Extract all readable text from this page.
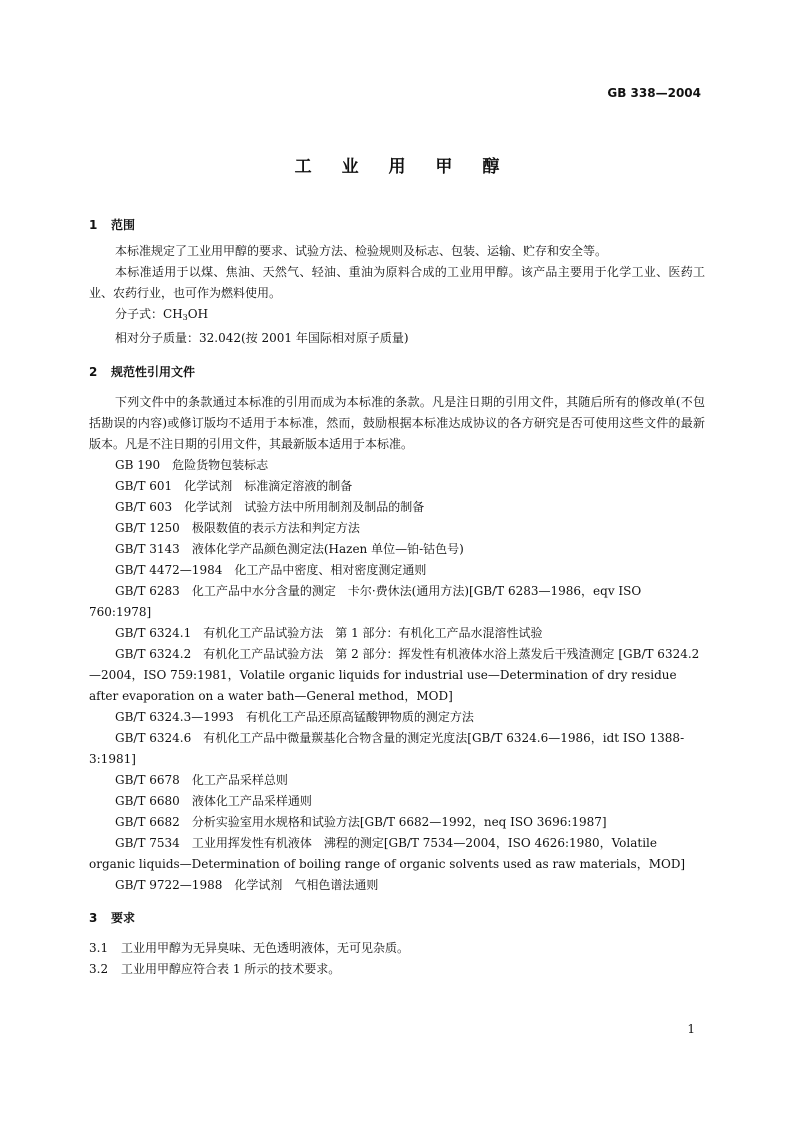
GB 338—2004
工 业 用 甲 醇
1 范围

本标准规定了工业用甲醇的要求、试验方法、检验规则及标志、包装、运输、贮存和安全等。

本标准适用于以煤、焦油、天然气、轻油、重油为原料合成的工业用甲醇。该产品主要用于化学工业、医药工业、农药行业，也可作为燃料使用。

分子式：$CH_3OH$

相对分子质量：32.042(按 2001 年国际相对原子质量)

2 规范性引用文件

下列文件中的条款通过本标准的引用而成为本标准的条款。凡是注日期的引用文件，其随后所有的修改单(不包括勘误的内容)或修订版均不适用于本标准，然而，鼓励根据本标准达成协议的各方研究是否可使用这些文件的最新版本。凡是不注日期的引用文件，其最新版本适用于本标准。

GB 190　 危险货物包装标志

GB/T 601　 化学试剂　标准滴定溶液的制备

GB/T 603　 化学试剂　试验方法中所用制剂及制品的制备

GB/T 1250　 极限数值的表示方法和判定方法

GB/T 3143　 液体化学产品颜色测定法(Hazen 单位—铂-钴色号)

GB/T 4472—1984　 化工产品中密度、相对密度测定通则

GB/T 6283　 化工产品中水分含量的测定　卡尔·费休法(通用方法)[GB/T 6283—1986，eqv ISO 760:1978]

GB/T 6324.1　 有机化工产品试验方法　第 1 部分：有机化工产品水混溶性试验

GB/T 6324.2　 有机化工产品试验方法　第 2 部分：挥发性有机液体水浴上蒸发后干残渣测定 [GB/T 6324.2—2004，ISO 759:1981，Volatile organic liquids for industrial use—Determination of dry residue after evaporation on a water bath—General method，MOD]

GB/T 6324.3—1993　 有机化工产品还原高锰酸钾物质的测定方法

GB/T 6324.6　 有机化工产品中微量羰基化合物含量的测定光度法[GB/T 6324.6—1986，idt ISO 1388-3:1981]

GB/T 6678　 化工产品采样总则

GB/T 6680　 液体化工产品采样通则

GB/T 6682　 分析实验室用水规格和试验方法[GB/T 6682—1992，neq ISO 3696:1987]

GB/T 7534　 工业用挥发性有机液体　沸程的测定[GB/T 7534—2004，ISO 4626:1980，Volatile organic liquids—Determination of boiling range of organic solvents used as raw materials，MOD]

GB/T 9722—1988　 化学试剂　气相色谱法通则

3 要求

3.1 工业用甲醇为无异臭味、无色透明液体，无可见杂质。

3.2 工业用甲醇应符合表 1 所示的技术要求。

1
